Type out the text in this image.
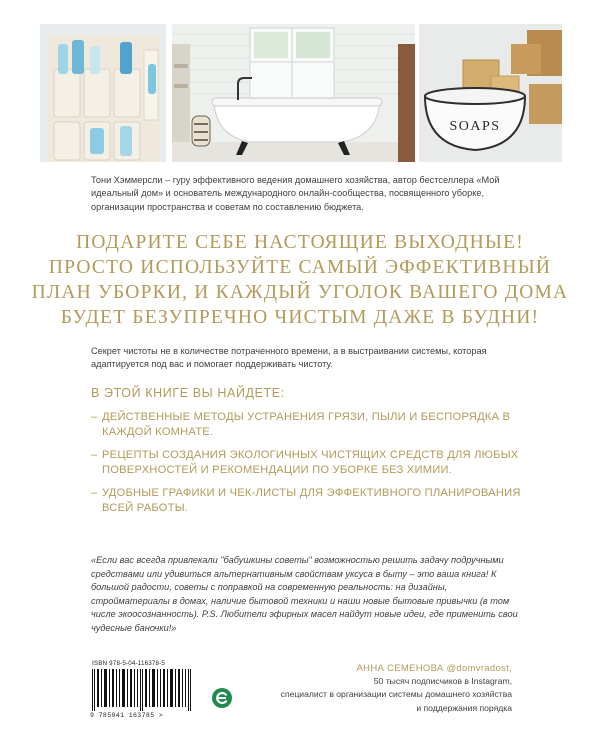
SOAPS
Тони Хэммерсли – гуру эффективного ведения домашнего хозяйства, автор бестселлера «Мой идеальный дом» и основатель международного онлайн-сообщества, посвященного уборке, организации пространства и советам по составлению бюджета.
ПОДАРИТЕ СЕБЕ НАСТОЯЩИЕ ВЫХОДНЫЕ!
ПРОСТО ИСПОЛЬЗУЙТЕ САМЫЙ ЭФФЕКТИВНЫЙ
ПЛАН УБОРКИ, И КАЖДЫЙ УГОЛОК ВАШЕГО ДОМА
БУДЕТ БЕЗУПРЕЧНО ЧИСТЫМ ДАЖЕ В БУДНИ!
Секрет чистоты не в количестве потраченного времени, а в выстраивании системы, которая адаптируется под вас и помогает поддерживать чистоту.
В ЭТОЙ КНИГЕ ВЫ НАЙДЕТЕ:
– ДЕЙСТВЕННЫЕ МЕТОДЫ УСТРАНЕНИЯ ГРЯЗИ, ПЫЛИ И БЕСПОРЯДКА В КАЖДОЙ КОМНАТЕ.
– РЕЦЕПТЫ СОЗДАНИЯ ЭКОЛОГИЧНЫХ ЧИСТЯЩИХ СРЕДСТВ ДЛЯ ЛЮБЫХ ПОВЕРХНОСТЕЙ И РЕКОМЕНДАЦИИ ПО УБОРКЕ БЕЗ ХИМИИ.
– УДОБНЫЕ ГРАФИКИ И ЧЕК-ЛИСТЫ ДЛЯ ЭФФЕКТИВНОГО ПЛАНИРОВАНИЯ ВСЕЙ РАБОТЫ.
«Если вас всегда привлекали "бабушкины советы" возможностью решить задачу подручными средствами или удивиться альтернативным свойствам уксуса в быту – это ваша книга! К большой радости, советы с поправкой на современную реальность: на дизайны, стройматериалы в домах, наличие бытовой техники и наши новые бытовые привычки (в том числе экоосознанность). P.S. Любители эфирных масел найдут новые идеи, где применить свои чудесные баночки!»
АННА СЕМЕНОВА @domvradost,
50 тысяч подписчиков в Instagram,
специалист в организации системы домашнего хозяйства
и поддержания порядка
ISBN 978-5-04-116378-5
9 785041 163785 >
